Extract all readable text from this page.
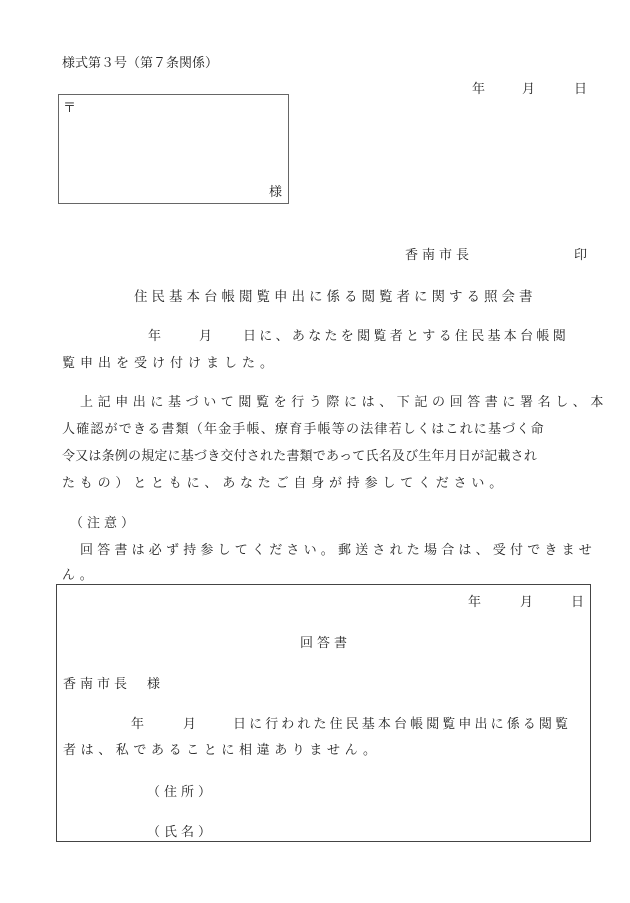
様式第３号（第７条関係）
年	月	日
〒
様
香南市長	印
住民基本台帳閲覧申出に係る閲覧者に関する照会書
年	月 日に、あなたを閲覧者とする住民基本台帳閲
覧申出を受け付けました。
上記申出に基づいて閲覧を行う際には、下記の回答書に署名し、本
人確認ができる書類（年金手帳、療育手帳等の法律若しくはこれに基づく命
令又は条例の規定に基づき交付された書類であって氏名及び生年月日が記載され
たもの）とともに、あなたご自身が持参してください。
（注意）
回答書は必ず持参してください。郵送された場合は、受付できませ
ん。
年	月	日
回答書
香南市長 様
年	月	日に行われた住民基本台帳閲覧申出に係る閲覧
者は、私であることに相違ありません。
（住所）
（氏名）
